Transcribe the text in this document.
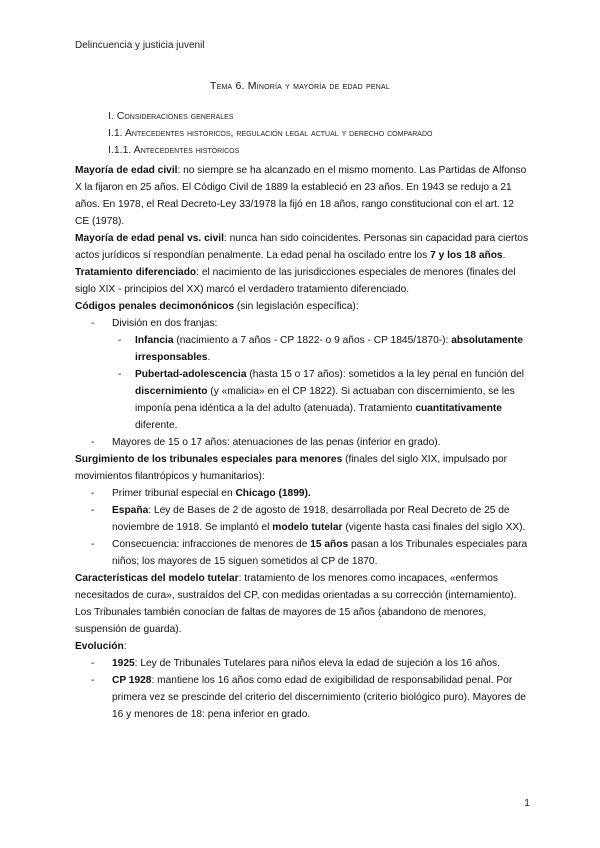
Delincuencia y justicia juvenil
Tema 6. Minoría y mayoría de edad penal
I. Consideraciones generales
I.1. Antecedentes históricos, regulación legal actual y derecho comparado
I.1.1. Antecedentes históricos

Mayoría de edad civil: no siempre se ha alcanzado en el mismo momento. Las Partidas de Alfonso X la fijaron en 25 años. El Código Civil de 1889 la estableció en 23 años. En 1943 se redujo a 21 años. En 1978, el Real Decreto-Ley 33/1978 la fijó en 18 años, rango constitucional con el art. 12 CE (1978).

Mayoría de edad penal vs. civil: nunca han sido coincidentes. Personas sin capacidad para ciertos actos jurídicos sí respondían penalmente. La edad penal ha oscilado entre los 7 y los 18 años.

Tratamiento diferenciado: el nacimiento de las jurisdicciones especiales de menores (finales del siglo XIX - principios del XX) marcó el verdadero tratamiento diferenciado.

Códigos penales decimonónicos (sin legislación específica):

- División en dos franjas:
- Infancia (nacimiento a 7 años - CP 1822- o 9 años - CP 1845/1870-): absolutamente irresponsables.
- Pubertad-adolescencia (hasta 15 o 17 años): sometidos a la ley penal en función del discernimiento (y «malicia» en el CP 1822). Si actuaban con discernimiento, se les imponía pena idéntica a la del adulto (atenuada). Tratamiento cuantitativamente diferente.
- Mayores de 15 o 17 años: atenuaciones de las penas (inferior en grado).

Surgimiento de los tribunales especiales para menores (finales del siglo XIX, impulsado por movimientos filantrópicos y humanitarios):

- Primer tribunal especial en Chicago (1899).
- España: Ley de Bases de 2 de agosto de 1918, desarrollada por Real Decreto de 25 de noviembre de 1918. Se implantó el modelo tutelar (vigente hasta casi finales del siglo XX).
- Consecuencia: infracciones de menores de 15 años pasan a los Tribunales especiales para niños; los mayores de 15 siguen sometidos al CP de 1870.

Características del modelo tutelar: tratamiento de los menores como incapaces, «enfermos necesitados de cura», sustraídos del CP, con medidas orientadas a su corrección (internamiento). Los Tribunales también conocían de faltas de mayores de 15 años (abandono de menores, suspensión de guarda).

Evolución:

- 1925: Ley de Tribunales Tutelares para niños eleva la edad de sujeción a los 16 años.
- CP 1928: mantiene los 16 años como edad de exigibilidad de responsabilidad penal. Por primera vez se prescinde del criterio del discernimiento (criterio biológico puro). Mayores de 16 y menores de 18: pena inferior en grado.
1
